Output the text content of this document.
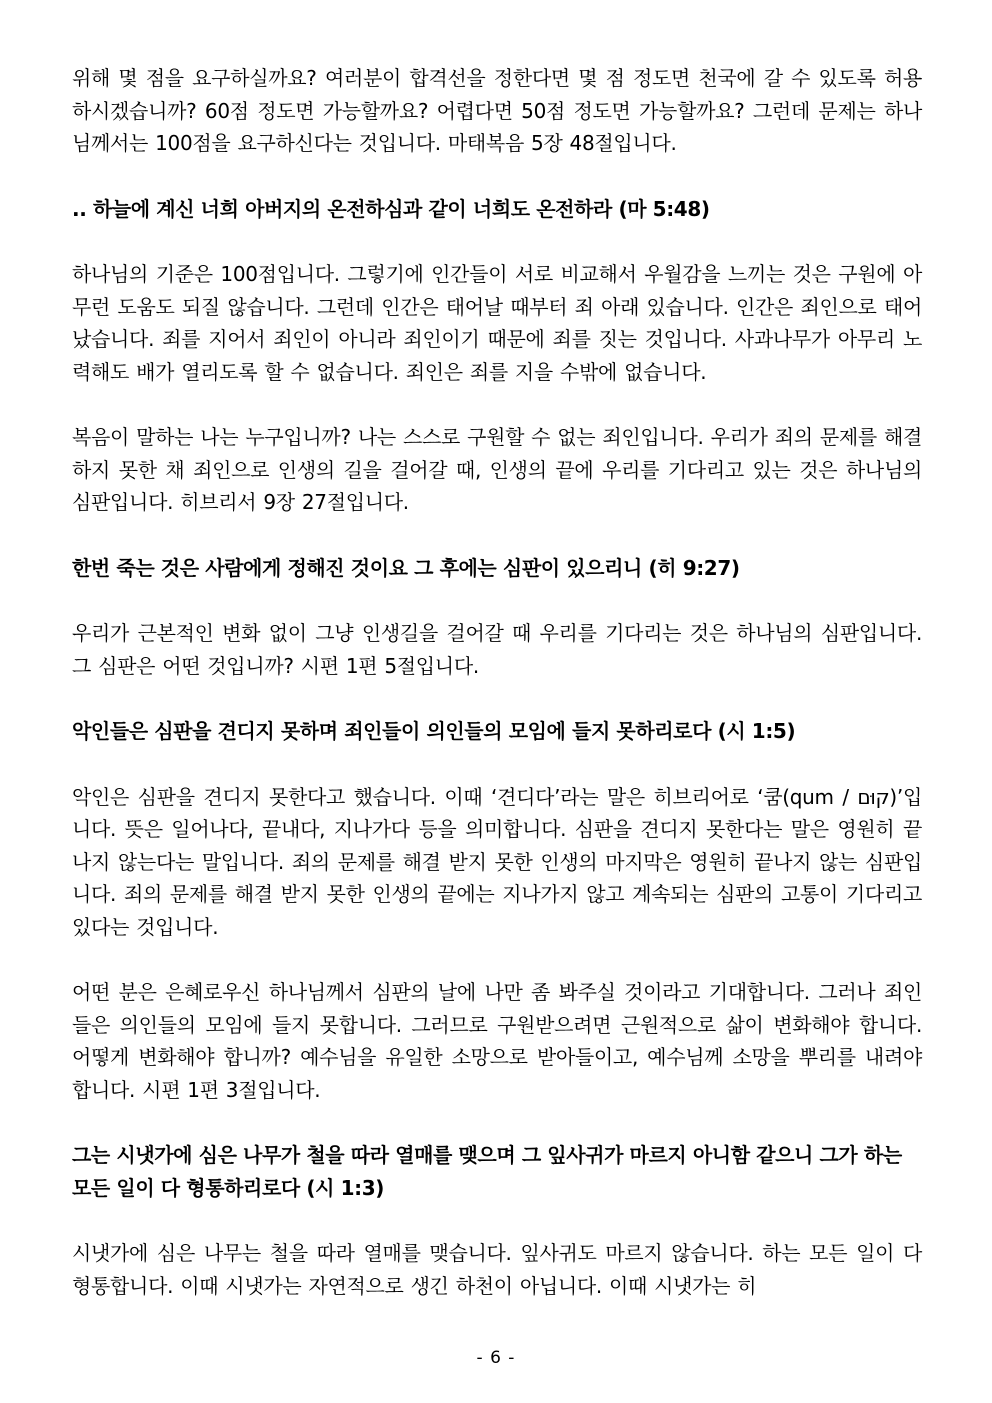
위해 몇 점을 요구하실까요? 여러분이 합격선을 정한다면 몇 점 정도면 천국에 갈 수 있도록 허용하시겠습니까? 60점 정도면 가능할까요? 어렵다면 50점 정도면 가능할까요? 그런데 문제는 하나님께서는 100점을 요구하신다는 것입니다. 마태복음 5장 48절입니다.

.. 하늘에 계신 너희 아버지의 온전하심과 같이 너희도 온전하라 (마 5:48)

하나님의 기준은 100점입니다. 그렇기에 인간들이 서로 비교해서 우월감을 느끼는 것은 구원에 아무런 도움도 되질 않습니다. 그런데 인간은 태어날 때부터 죄 아래 있습니다. 인간은 죄인으로 태어났습니다. 죄를 지어서 죄인이 아니라 죄인이기 때문에 죄를 짓는 것입니다. 사과나무가 아무리 노력해도 배가 열리도록 할 수 없습니다. 죄인은 죄를 지을 수밖에 없습니다.

복음이 말하는 나는 누구입니까? 나는 스스로 구원할 수 없는 죄인입니다. 우리가 죄의 문제를 해결하지 못한 채 죄인으로 인생의 길을 걸어갈 때, 인생의 끝에 우리를 기다리고 있는 것은 하나님의 심판입니다. 히브리서 9장 27절입니다.

한번 죽는 것은 사람에게 정해진 것이요 그 후에는 심판이 있으리니 (히 9:27)

우리가 근본적인 변화 없이 그냥 인생길을 걸어갈 때 우리를 기다리는 것은 하나님의 심판입니다. 그 심판은 어떤 것입니까? 시편 1편 5절입니다.

악인들은 심판을 견디지 못하며 죄인들이 의인들의 모임에 들지 못하리로다 (시 1:5)

악인은 심판을 견디지 못한다고 했습니다. 이때 ‘견디다’라는 말은 히브리어로 ‘쿰(qum / קוּם)’입니다. 뜻은 일어나다, 끝내다, 지나가다 등을 의미합니다. 심판을 견디지 못한다는 말은 영원히 끝나지 않는다는 말입니다. 죄의 문제를 해결 받지 못한 인생의 마지막은 영원히 끝나지 않는 심판입니다. 죄의 문제를 해결 받지 못한 인생의 끝에는 지나가지 않고 계속되는 심판의 고통이 기다리고 있다는 것입니다.

어떤 분은 은혜로우신 하나님께서 심판의 날에 나만 좀 봐주실 것이라고 기대합니다. 그러나 죄인들은 의인들의 모임에 들지 못합니다. 그러므로 구원받으려면 근원적으로 삶이 변화해야 합니다. 어떻게 변화해야 합니까? 예수님을 유일한 소망으로 받아들이고, 예수님께 소망을 뿌리를 내려야 합니다. 시편 1편 3절입니다.

그는 시냇가에 심은 나무가 철을 따라 열매를 맺으며 그 잎사귀가 마르지 아니함 같으니 그가 하는 모든 일이 다 형통하리로다 (시 1:3)

시냇가에 심은 나무는 철을 따라 열매를 맺습니다. 잎사귀도 마르지 않습니다. 하는 모든 일이 다 형통합니다. 이때 시냇가는 자연적으로 생긴 하천이 아닙니다. 이때 시냇가는 히

- 6 -
